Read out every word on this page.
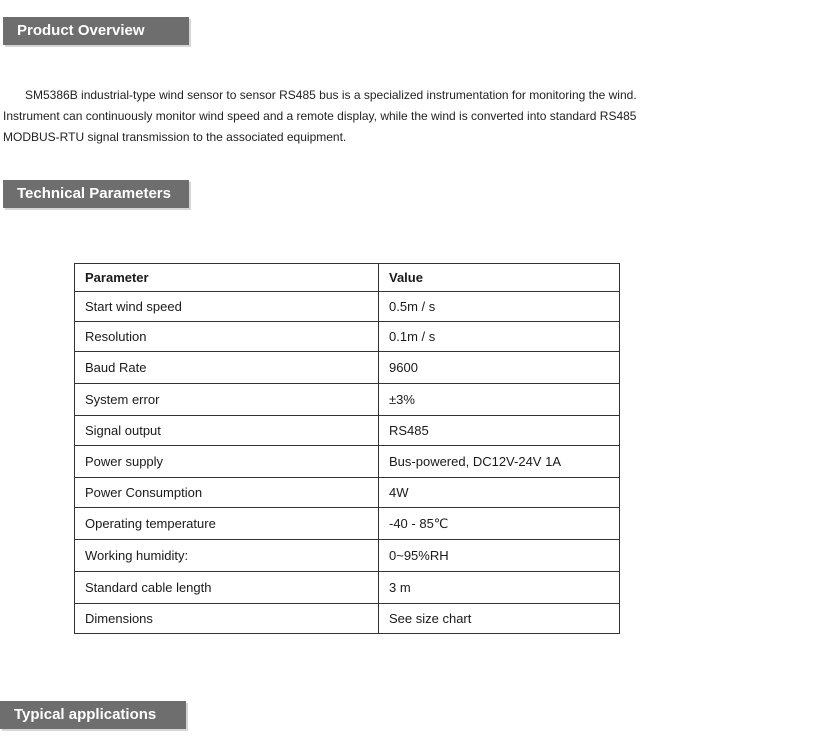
Product Overview

SM5386B industrial-type wind sensor to sensor RS485 bus is a specialized instrumentation for monitoring the wind. Instrument can continuously monitor wind speed and a remote display, while the wind is converted into standard RS485 MODBUS-RTU signal transmission to the associated equipment.

Technical Parameters
Parameter	Value
Start wind speed	0.5m / s
Resolution	0.1m / s
Baud Rate	9600
System error	±3%
Signal output	RS485
Power supply	Bus-powered, DC12V-24V 1A
Power Consumption	4W
Operating temperature	-40 - 85℃
Working humidity:	0~95%RH
Standard cable length	3 m
Dimensions	See size chart
Typical applications
